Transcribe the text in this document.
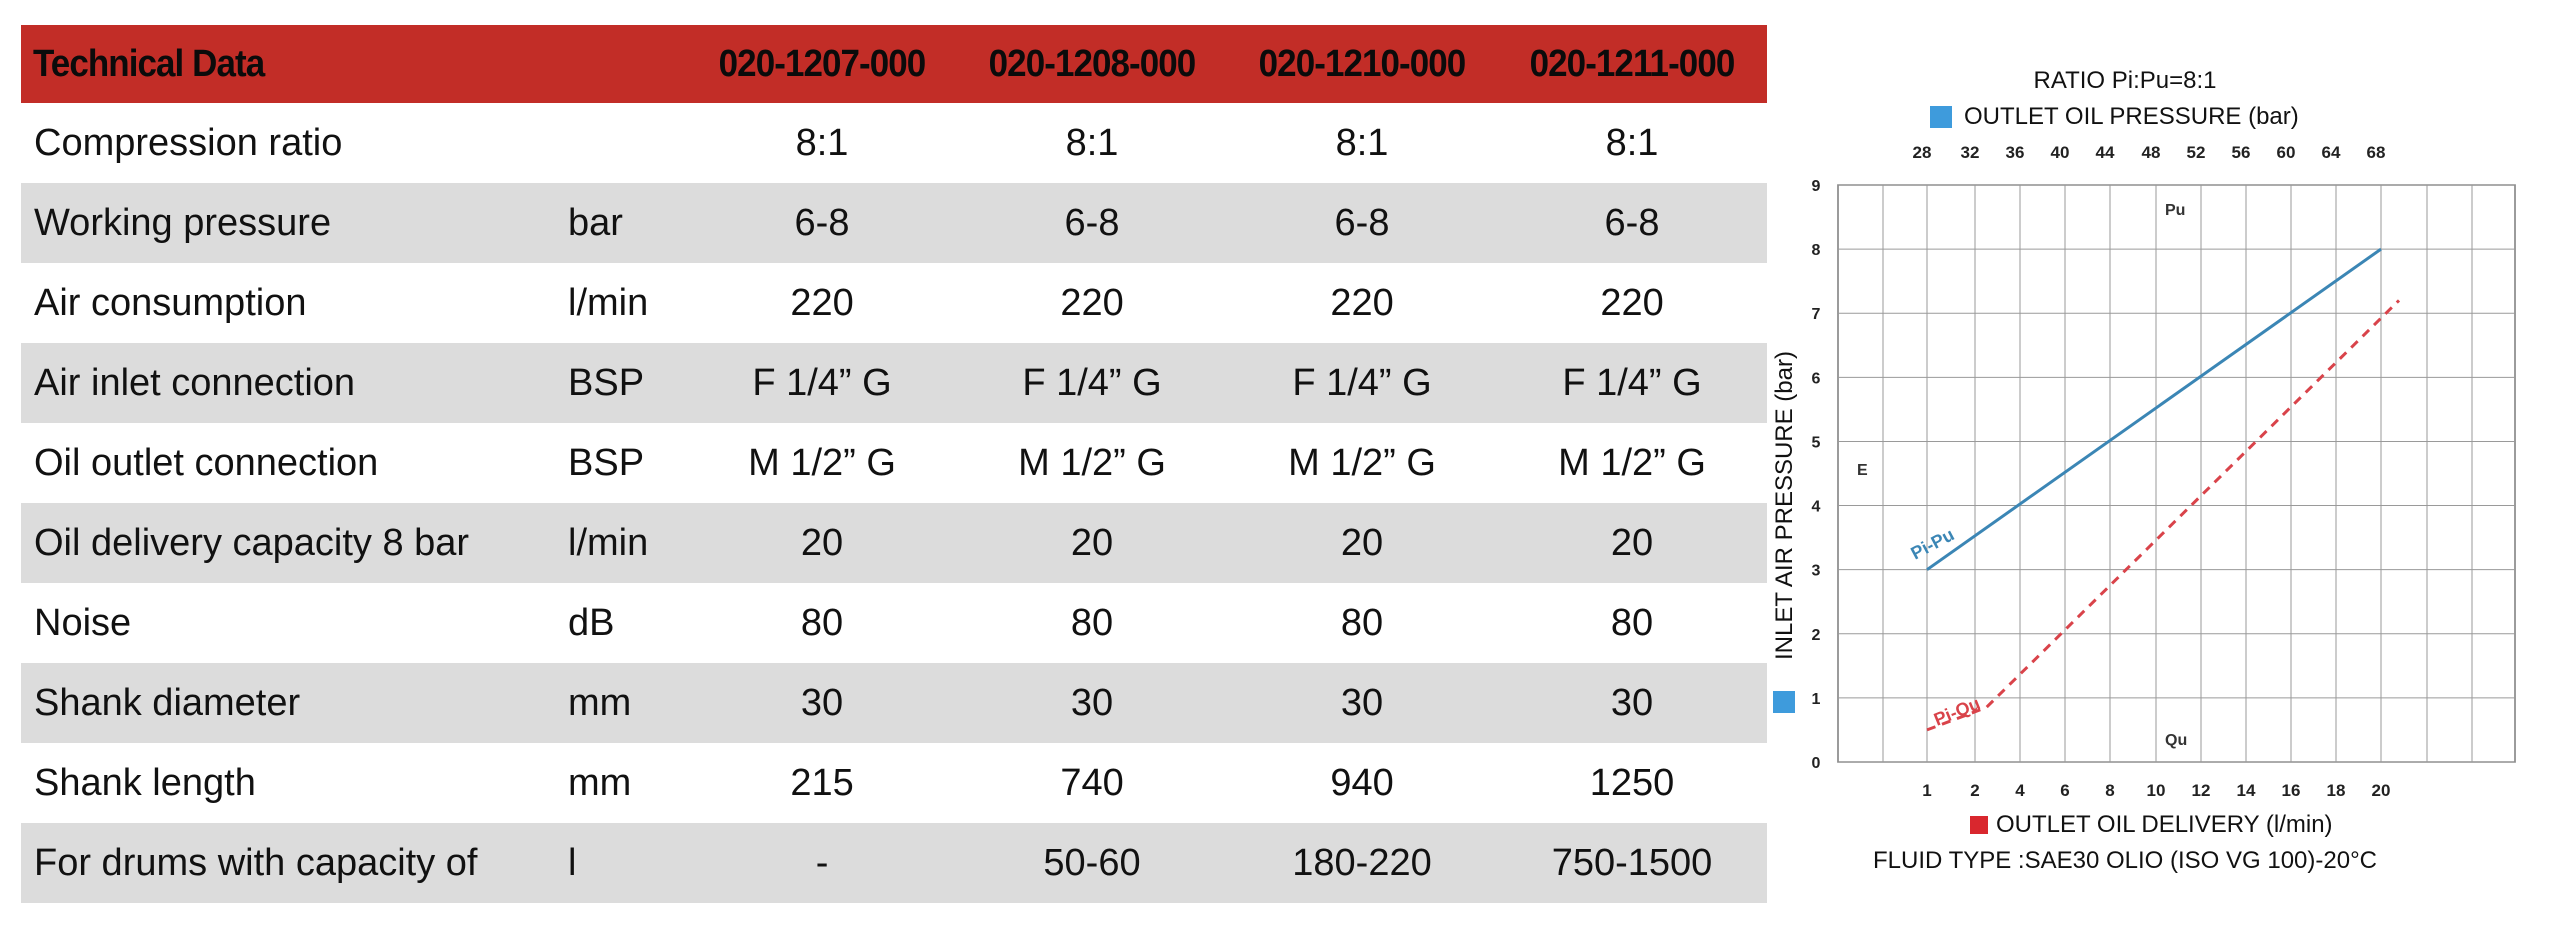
Technical Data		020-1207-000	020-1208-000	020-1210-000	020-1211-000
Compression ratio		8:1	8:1	8:1	8:1
Working pressure	bar	6-8	6-8	6-8	6-8
Air consumption	l/min	220	220	220	220
Air inlet connection	BSP	F 1/4” G	F 1/4” G	F 1/4” G	F 1/4” G
Oil outlet connection	BSP	M 1/2” G	M 1/2” G	M 1/2” G	M 1/2” G
Oil delivery capacity 8 bar	l/min	20	20	20	20
Noise	dB	80	80	80	80
Shank diameter	mm	30	30	30	30
Shank length	mm	215	740	940	1250
For drums with capacity of	l	-	50-60	180-220	750-1500
RATIO Pi:Pu=8:1
OUTLET OIL PRESSURE (bar)
0
1
2
3
4
5
6
7
8
9
1
28
2
32
4
36
6
40
8
44
10
48
12
52
14
56
16
60
18
64
20
68
Pi-Pu
Pi-Qu
Pu
Qu
E
INLET AIR PRESSURE (bar)
OUTLET OIL DELIVERY (l/min)
FLUID TYPE :SAE30 OLIO (ISO VG 100)-20°C
